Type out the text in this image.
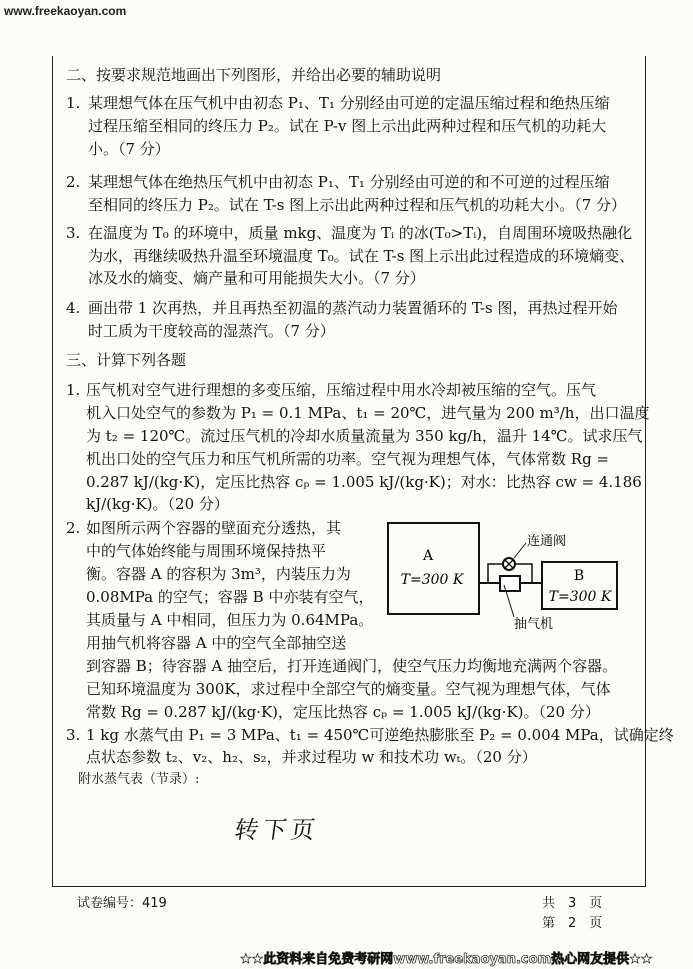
www.freekaoyan.com
二、按要求规范地画出下列图形，并给出必要的辅助说明
1. 某理想气体在压气机中由初态 P₁、T₁ 分别经由可逆的定温压缩过程和绝热压缩
过程压缩至相同的终压力 P₂。试在 P-v 图上示出此两种过程和压气机的功耗大
小。（7 分）
2. 某理想气体在绝热压气机中由初态 P₁、T₁ 分别经由可逆的和不可逆的过程压缩
至相同的终压力 P₂。试在 T-s 图上示出此两种过程和压气机的功耗大小。（7 分）
3. 在温度为 T₀ 的环境中，质量 mkg、温度为 Tᵢ 的冰(T₀>Tᵢ)，自周围环境吸热融化
为水，再继续吸热升温至环境温度 T₀。试在 T-s 图上示出此过程造成的环境熵变、
冰及水的熵变、熵产量和可用能损失大小。（7 分）
4. 画出带 1 次再热，并且再热至初温的蒸汽动力装置循环的 T-s 图，再热过程开始
时工质为干度较高的湿蒸汽。（7 分）
三、计算下列各题
1. 压气机对空气进行理想的多变压缩，压缩过程中用水冷却被压缩的空气。压气
机入口处空气的参数为 P₁ = 0.1 MPa、t₁ = 20℃，进气量为 200 m³/h，出口温度
为 t₂ = 120℃。流过压气机的冷却水质量流量为 350 kg/h，温升 14℃。试求压气
机出口处的空气压力和压气机所需的功率。空气视为理想气体，气体常数 Rg =
0.287 kJ/(kg·K)，定压比热容 cₚ = 1.005 kJ/(kg·K)；对水：比热容 cw = 4.186
kJ/(kg·K)。（20 分）
2. 如图所示两个容器的壁面充分透热，其
中的气体始终能与周围环境保持热平
衡。容器 A 的容积为 3m³，内装压力为
0.08MPa 的空气；容器 B 中亦装有空气，
其质量与 A 中相同，但压力为 0.64MPa。
用抽气机将容器 A 中的空气全部抽空送
到容器 B；待容器 A 抽空后，打开连通阀门，使空气压力均衡地充满两个容器。
已知环境温度为 300K，求过程中全部空气的熵变量。空气视为理想气体，气体
常数 Rg = 0.287 kJ/(kg·K)，定压比热容 cₚ = 1.005 kJ/(kg·K)。（20 分）
A
T=300 K	B
T=300 K
连通阀
抽气机
3. 1 kg 水蒸气由 P₁ = 3 MPa、t₁ = 450℃可逆绝热膨胀至 P₂ = 0.004 MPa，试确定终
点状态参数 t₂、v₂、h₂、s₂，并求过程功 w 和技术功 wₜ。（20 分）
附水蒸气表（节录）:
转下页
试卷编号：419	共　3　页
第　2　页
★★此资料来自免费考研网www.freekaoyan.com热心网友提供★★
